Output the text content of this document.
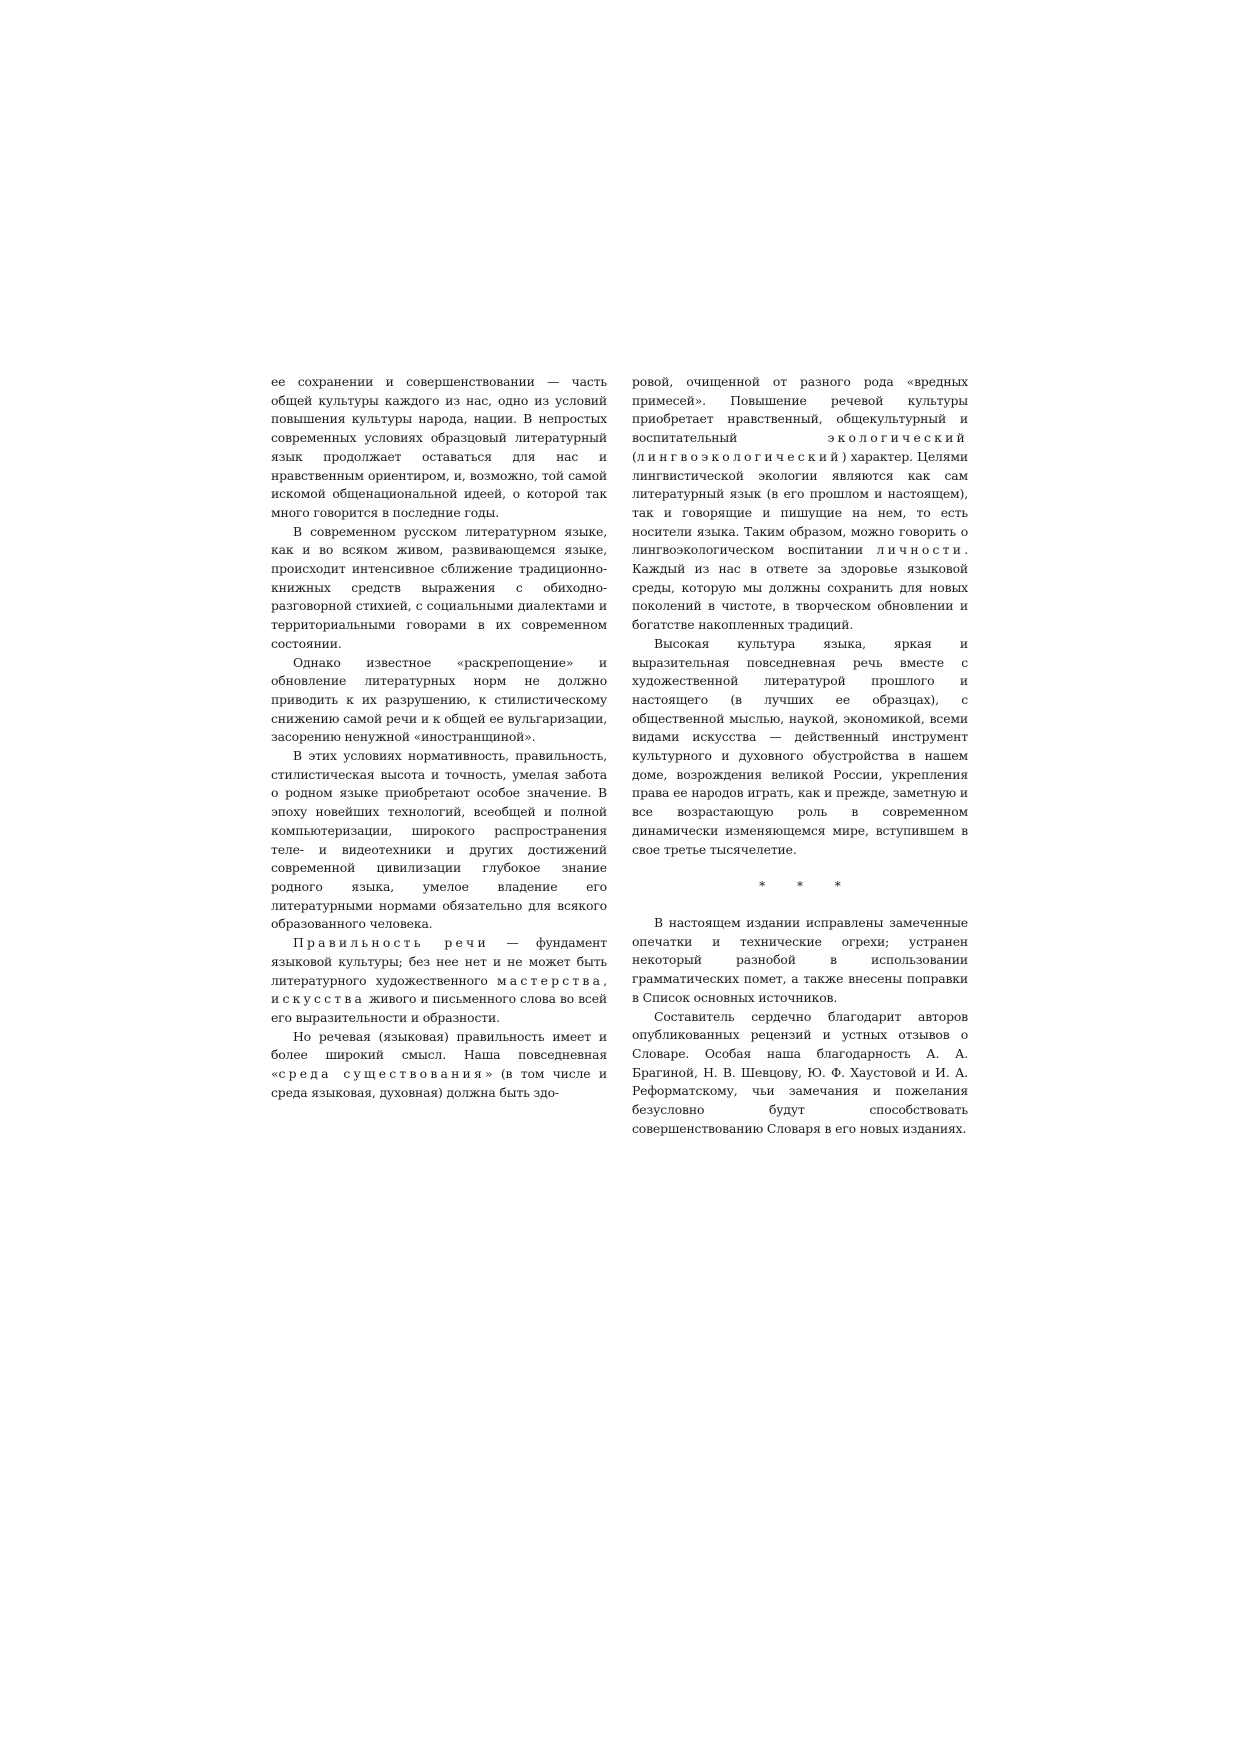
ее сохранении и совершенствовании — часть общей культуры каждого из нас, одно из условий повышения культуры народа, нации. В непростых современных условиях образцовый литературный язык продолжает оставаться для нас и нравственным ориентиром, и, возможно, той самой искомой общенациональной идеей, о которой так много говорится в последние годы.

В современном русском литературном языке, как и во всяком живом, развивающемся языке, происходит интенсивное сближение традиционно-книжных средств выражения с обиходно-разговорной стихией, с социальными диалектами и территориальными говорами в их современном состоянии.

Однако известное «раскрепощение» и обновление литературных норм не должно приводить к их разрушению, к стилистическому снижению самой речи и к общей ее вульгаризации, засорению ненужной «иностранщиной».

В этих условиях нормативность, правильность, стилистическая высота и точность, умелая забота о родном языке приобретают особое значение. В эпоху новейших технологий, всеобщей и полной компьютеризации, широкого распространения теле- и видеотехники и других достижений современной цивилизации глубокое знание родного языка, умелое владение его литературными нормами обязательно для всякого образованного человека.

Правильность речи — фундамент языковой культуры; без нее нет и не может быть литературного художественного мастерства, искусства живого и письменного слова во всей его выразительности и образности.

Но речевая (языковая) правильность имеет и более широкий смысл. Наша повседневная «среда существования» (в том числе и среда языковая, духовная) должна быть здо-

ровой, очищенной от разного рода «вредных примесей». Повышение речевой культуры приобретает нравственный, общекультурный и воспитательный экологический (лингвоэкологический) характер. Целями лингвистической экологии являются как сам литературный язык (в его прошлом и настоящем), так и говорящие и пишущие на нем, то есть носители языка. Таким образом, можно говорить о лингвоэкологическом воспитании личности. Каждый из нас в ответе за здоровье языковой среды, которую мы должны сохранить для новых поколений в чистоте, в творческом обновлении и богатстве накопленных традиций.

Высокая культура языка, яркая и выразительная повседневная речь вместе с художественной литературой прошлого и настоящего (в лучших ее образцах), с общественной мыслью, наукой, экономикой, всеми видами искусства — действенный инструмент культурного и духовного обустройства в нашем доме, возрождения великой России, укрепления права ее народов играть, как и прежде, заметную и все возрастающую роль в современном динамически изменяющемся мире, вступившем в свое третье тысячелетие.

* * *

В настоящем издании исправлены замеченные опечатки и технические огрехи; устранен некоторый разнобой в использовании грамматических помет, а также внесены поправки в Список основных источников.

Составитель сердечно благодарит авторов опубликованных рецензий и устных отзывов о Словаре. Особая наша благодарность А. А. Брагиной, Н. В. Шевцову, Ю. Ф. Хаустовой и И. А. Реформатскому, чьи замечания и пожелания безусловно будут способствовать совершенствованию Словаря в его новых изданиях.
